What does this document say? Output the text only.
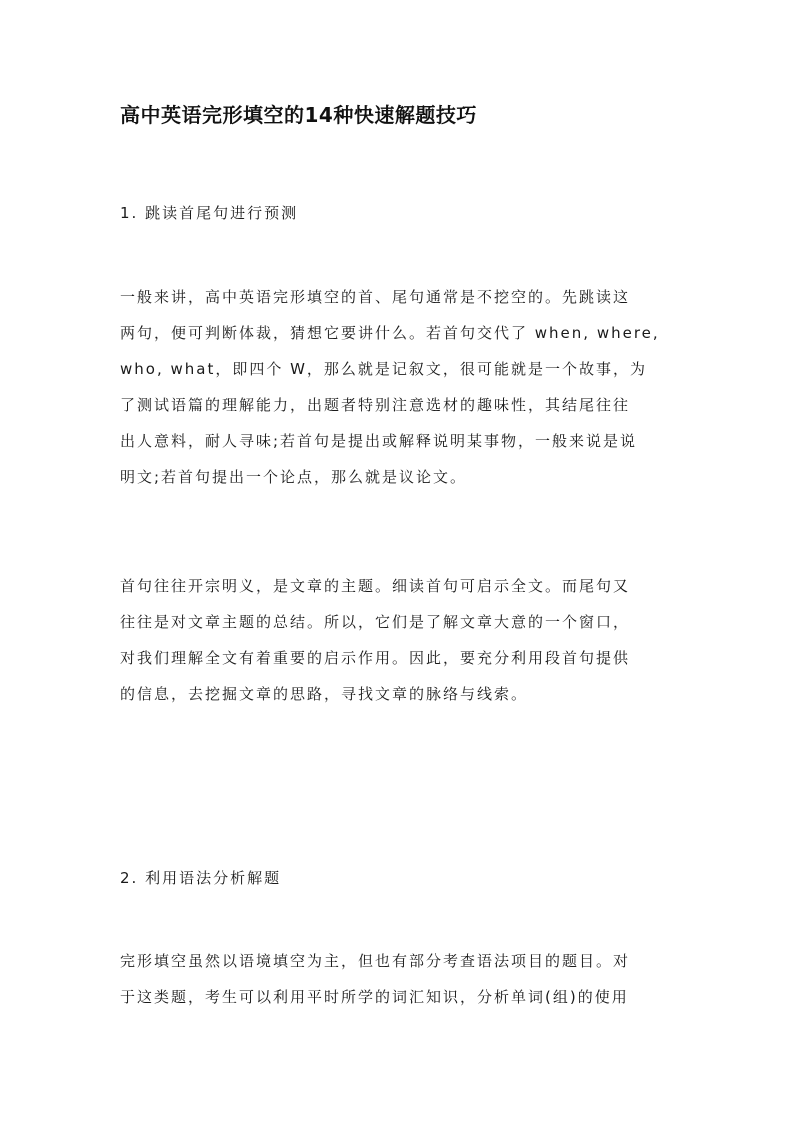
高中英语完形填空的14种快速解题技巧

1. 跳读首尾句进行预测

一般来讲，高中英语完形填空的首、尾句通常是不挖空的。先跳读这
两句，便可判断体裁，猜想它要讲什么。若首句交代了 when, where,
who, what，即四个 W，那么就是记叙文，很可能就是一个故事，为
了测试语篇的理解能力，出题者特别注意选材的趣味性，其结尾往往
出人意料，耐人寻味;若首句是提出或解释说明某事物，一般来说是说
明文;若首句提出一个论点，那么就是议论文。
首句往往开宗明义，是文章的主题。细读首句可启示全文。而尾句又
往往是对文章主题的总结。所以，它们是了解文章大意的一个窗口，
对我们理解全文有着重要的启示作用。因此，要充分利用段首句提供
的信息，去挖掘文章的思路，寻找文章的脉络与线索。

2. 利用语法分析解题

完形填空虽然以语境填空为主，但也有部分考查语法项目的题目。对
于这类题，考生可以利用平时所学的词汇知识，分析单词(组)的使用
